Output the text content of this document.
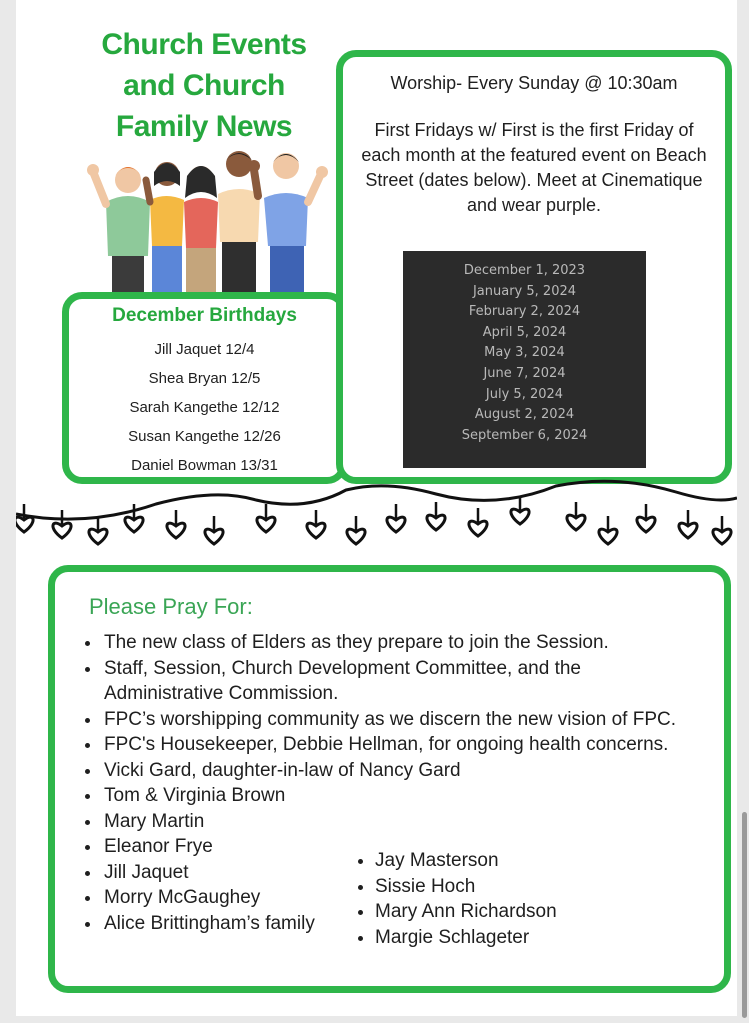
Church Events
and Church
Family News
December Birthdays
Jill Jaquet 12/4
Shea Bryan 12/5
Sarah Kangethe 12/12
Susan Kangethe 12/26
Daniel Bowman 13/31
Worship- Every Sunday @ 10:30am
First Fridays w/ First is the first Friday of each month at the featured event on Beach Street (dates below). Meet at Cinematique and wear purple.
December 1, 2023
January 5, 2024
February 2, 2024
April 5, 2024
May 3, 2024
June 7, 2024
July 5, 2024
August 2, 2024
September 6, 2024
Please Pray For:
• The new class of Elders as they prepare to join the Session.
• Staff, Session, Church Development Committee, and the Administrative Commission.
• FPC’s worshipping community as we discern the new vision of FPC.
• FPC's Housekeeper, Debbie Hellman, for ongoing health concerns.
• Vicki Gard, daughter-in-law of Nancy Gard
• Tom & Virginia Brown
• Mary Martin
• Eleanor Frye
• Jill Jaquet
• Morry McGaughey
• Alice Brittingham’s family
• Jay Masterson
• Sissie Hoch
• Mary Ann Richardson
• Margie Schlageter
